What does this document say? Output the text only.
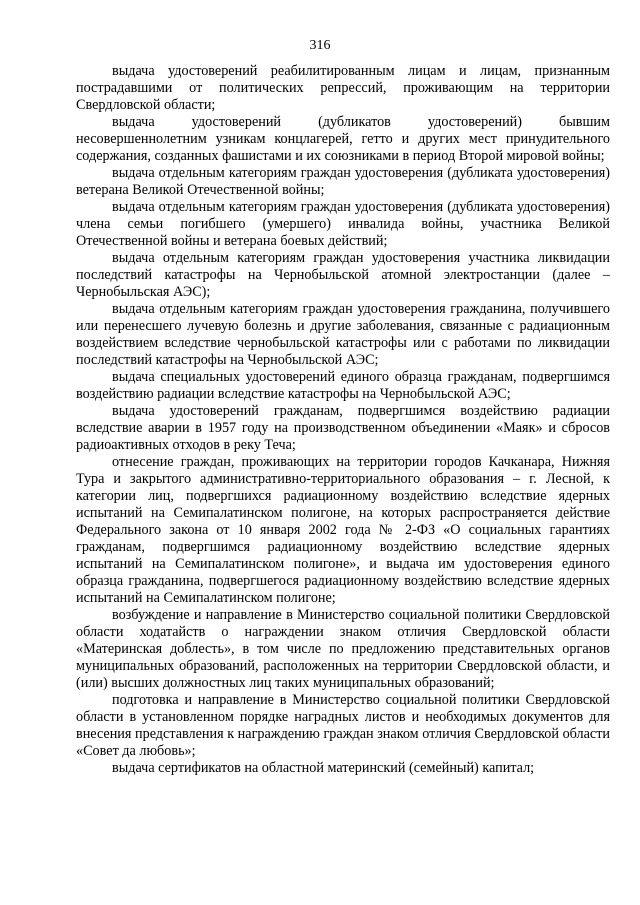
316

выдача удостоверений реабилитированным лицам и лицам, признанным пострадавшими от политических репрессий, проживающим на территории Свердловской области;

выдача удостоверений (дубликатов удостоверений) бывшим несовершеннолетним узникам концлагерей, гетто и других мест принудительного содержания, созданных фашистами и их союзниками в период Второй мировой войны;

выдача отдельным категориям граждан удостоверения (дубликата удостоверения) ветерана Великой Отечественной войны;

выдача отдельным категориям граждан удостоверения (дубликата удостоверения) члена семьи погибшего (умершего) инвалида войны, участника Великой Отечественной войны и ветерана боевых действий;

выдача отдельным категориям граждан удостоверения участника ликвидации последствий катастрофы на Чернобыльской атомной электростанции (далее – Чернобыльская АЭС);

выдача отдельным категориям граждан удостоверения гражданина, получившего или перенесшего лучевую болезнь и другие заболевания, связанные с радиационным воздействием вследствие чернобыльской катастрофы или с работами по ликвидации последствий катастрофы на Чернобыльской АЭС;

выдача специальных удостоверений единого образца гражданам, подвергшимся воздействию радиации вследствие катастрофы на Чернобыльской АЭС;

выдача удостоверений гражданам, подвергшимся воздействию радиации вследствие аварии в 1957 году на производственном объединении «Маяк» и сбросов радиоактивных отходов в реку Теча;

отнесение граждан, проживающих на территории городов Качканара, Нижняя Тура и закрытого административно-территориального образования – г. Лесной, к категории лиц, подвергшихся радиационному воздействию вследствие ядерных испытаний на Семипалатинском полигоне, на которых распространяется действие Федерального закона от 10 января 2002 года № 2-ФЗ «О социальных гарантиях гражданам, подвергшимся радиационному воздействию вследствие ядерных испытаний на Семипалатинском полигоне», и выдача им удостоверения единого образца гражданина, подвергшегося радиационному воздействию вследствие ядерных испытаний на Семипалатинском полигоне;

возбуждение и направление в Министерство социальной политики Свердловской области ходатайств о награждении знаком отличия Свердловской области «Материнская доблесть», в том числе по предложению представительных органов муниципальных образований, расположенных на территории Свердловской области, и (или) высших должностных лиц таких муниципальных образований;

подготовка и направление в Министерство социальной политики Свердловской области в установленном порядке наградных листов и необходимых документов для внесения представления к награждению граждан знаком отличия Свердловской области «Совет да любовь»;

выдача сертификатов на областной материнский (семейный) капитал;
